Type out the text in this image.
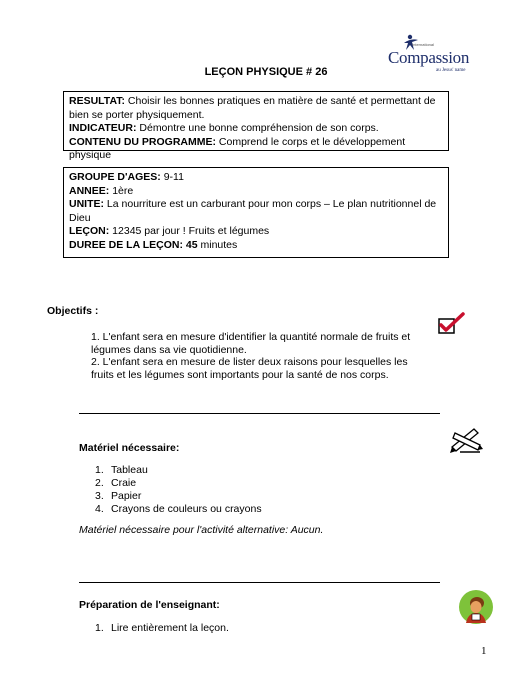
International
Compassion
au Jesus' name
LEÇON PHYSIQUE # 26

RESULTAT: Choisir les bonnes pratiques en matière de santé et permettant de bien se porter physiquement.

INDICATEUR: Démontre une bonne compréhension de son corps.

CONTENU DU PROGRAMME: Comprend le corps et le développement physique

GROUPE D'AGES: 9-11

ANNEE: 1ère

UNITE: La nourriture est un carburant pour mon corps – Le plan nutritionnel de Dieu

LEÇON: 12345 par jour ! Fruits et légumes

DUREE DE LA LEÇON: 45 minutes

Objectifs :

1. L'enfant sera en mesure d'identifier la quantité normale de fruits et légumes dans sa vie quotidienne.

2. L'enfant sera en mesure de lister deux raisons pour lesquelles les fruits et les légumes sont importants pour la santé de nos corps.

Matériel nécessaire:
1. Tableau
2. Craie
3. Papier
4. Crayons de couleurs ou crayons
Matériel nécessaire pour l'activité alternative: Aucun.
Préparation de l'enseignant:
1. Lire entièrement la leçon.
1
